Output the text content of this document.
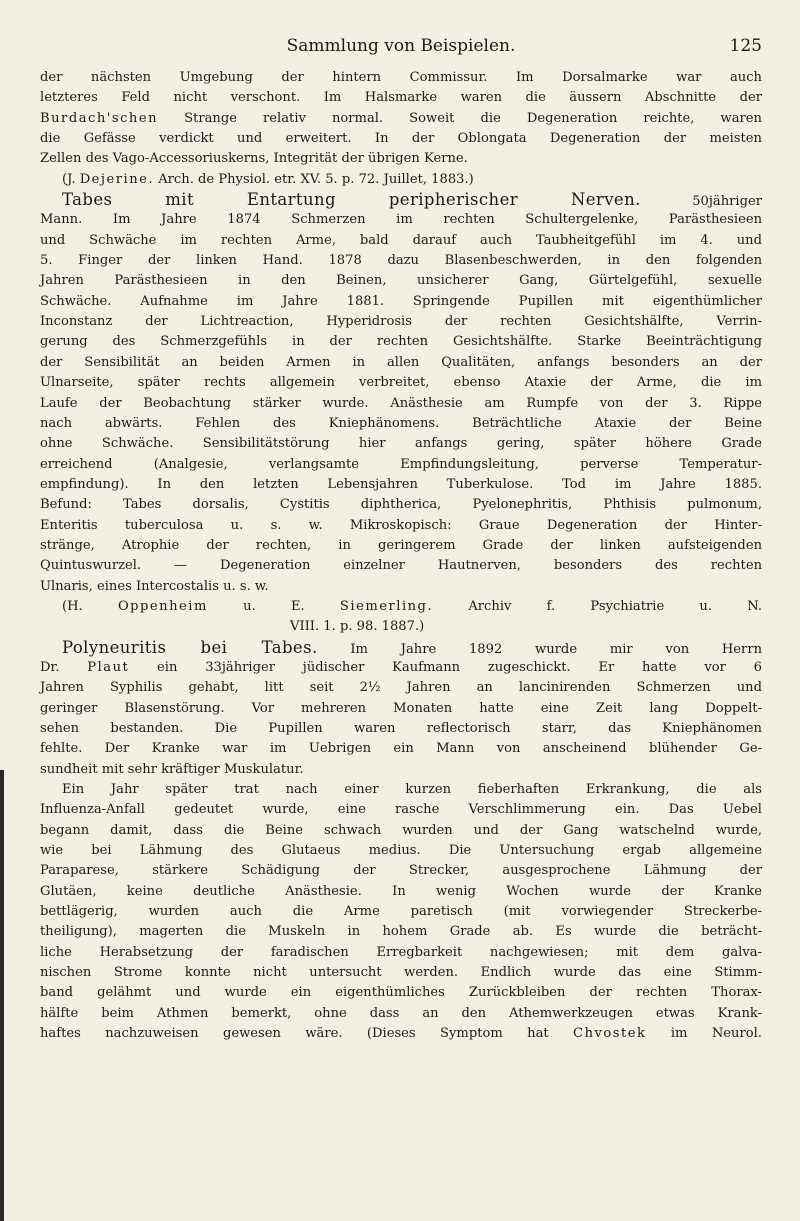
Sammlung von Beispielen.	125
der nächsten Umgebung der hintern Commissur. Im Dorsalmarke war auch
letzteres Feld nicht verschont. Im Halsmarke waren die äussern Abschnitte der
Burdach'schen Strange relativ normal. Soweit die Degeneration reichte, waren
die Gefässe verdickt und erweitert. In der Oblongata Degeneration der meisten
Zellen des Vago-Accessoriuskerns, Integrität der übrigen Kerne.
(J. Dejerine. Arch. de Physiol. etr. XV. 5. p. 72. Juillet, 1883.)
Tabes mit Entartung peripherischer Nerven.	50jähriger
Mann. Im Jahre 1874 Schmerzen im rechten Schultergelenke, Parästhesieen
und Schwäche im rechten Arme, bald darauf auch Taubheitgefühl im 4. und
5. Finger der linken Hand. 1878 dazu Blasenbeschwerden, in den folgenden
Jahren Parästhesieen in den Beinen, unsicherer Gang, Gürtelgefühl, sexuelle
Schwäche. Aufnahme im Jahre 1881. Springende Pupillen mit eigenthümlicher
Inconstanz der Lichtreaction, Hyperidrosis der rechten Gesichtshälfte, Verrin-
gerung des Schmerzgefühls in der rechten Gesichtshälfte. Starke Beeinträchtigung
der Sensibilität an beiden Armen in allen Qualitäten, anfangs besonders an der
Ulnarseite, später rechts allgemein verbreitet, ebenso Ataxie der Arme, die im
Laufe der Beobachtung stärker wurde. Anästhesie am Rumpfe von der 3. Rippe
nach abwärts. Fehlen des Kniephänomens. Beträchtliche Ataxie der Beine
ohne Schwäche. Sensibilitätstörung hier anfangs gering, später höhere Grade
erreichend (Analgesie, verlangsamte Empfindungsleitung, perverse Temperatur-
empfindung). In den letzten Lebensjahren Tuberkulose. Tod im Jahre 1885.
Befund: Tabes dorsalis, Cystitis diphtherica, Pyelonephritis, Phthisis pulmonum,
Enteritis tuberculosa u. s. w. Mikroskopisch: Graue Degeneration der Hinter-
stränge, Atrophie der rechten, in geringerem Grade der linken aufsteigenden
Quintuswurzel. — Degeneration einzelner Hautnerven, besonders des rechten
Ulnaris, eines Intercostalis u. s. w.
(H.	Oppenheim	u. E.	Siemerling.	Archiv f. Psychiatrie u. N.
VIII. 1. p. 98. 1887.)
Polyneuritis bei Tabes.	Im Jahre 1892 wurde mir von Herrn
Dr. Plaut ein 33jähriger jüdischer Kaufmann zugeschickt. Er hatte vor 6
Jahren Syphilis gehabt, litt seit 2½ Jahren an lancinirenden Schmerzen und
geringer Blasenstörung. Vor mehreren Monaten hatte eine Zeit lang Doppelt-
sehen bestanden. Die Pupillen waren reflectorisch starr, das Kniephänomen
fehlte. Der Kranke war im Uebrigen ein Mann von anscheinend blühender Ge-
sundheit mit sehr kräftiger Muskulatur.
Ein Jahr später trat nach einer kurzen fieberhaften Erkrankung, die als
Influenza-Anfall gedeutet wurde, eine rasche Verschlimmerung ein. Das Uebel
begann damit, dass die Beine schwach wurden und der Gang watschelnd wurde,
wie bei Lähmung des Glutaeus medius. Die Untersuchung ergab allgemeine
Paraparese, stärkere Schädigung der Strecker, ausgesprochene Lähmung der
Glutäen, keine deutliche Anästhesie. In wenig Wochen wurde der Kranke
bettlägerig, wurden auch die Arme paretisch (mit vorwiegender Streckerbe-
theiligung), magerten die Muskeln in hohem Grade ab. Es wurde die beträcht-
liche Herabsetzung der faradischen Erregbarkeit nachgewiesen; mit dem galva-
nischen Strome konnte nicht untersucht werden. Endlich wurde das eine Stimm-
band gelähmt und wurde ein eigenthümliches Zurückbleiben der rechten Thorax-
hälfte beim Athmen bemerkt, ohne dass an den Athemwerkzeugen etwas Krank-
haftes nachzuweisen gewesen wäre. (Dieses Symptom hat Chvostek im Neurol.
